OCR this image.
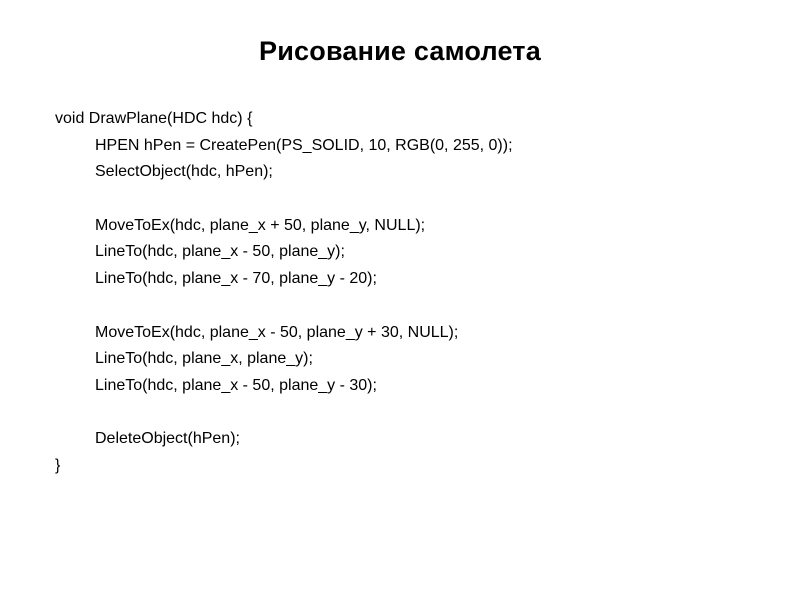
Рисование самолета
void DrawPlane(HDC hdc) {
HPEN hPen = CreatePen(PS_SOLID, 10, RGB(0, 255, 0));
SelectObject(hdc, hPen);
MoveToEx(hdc, plane_x + 50, plane_y, NULL);
LineTo(hdc, plane_x - 50, plane_y);
LineTo(hdc, plane_x - 70, plane_y - 20);
MoveToEx(hdc, plane_x - 50, plane_y + 30, NULL);
LineTo(hdc, plane_x, plane_y);
LineTo(hdc, plane_x - 50, plane_y - 30);
DeleteObject(hPen);
}
